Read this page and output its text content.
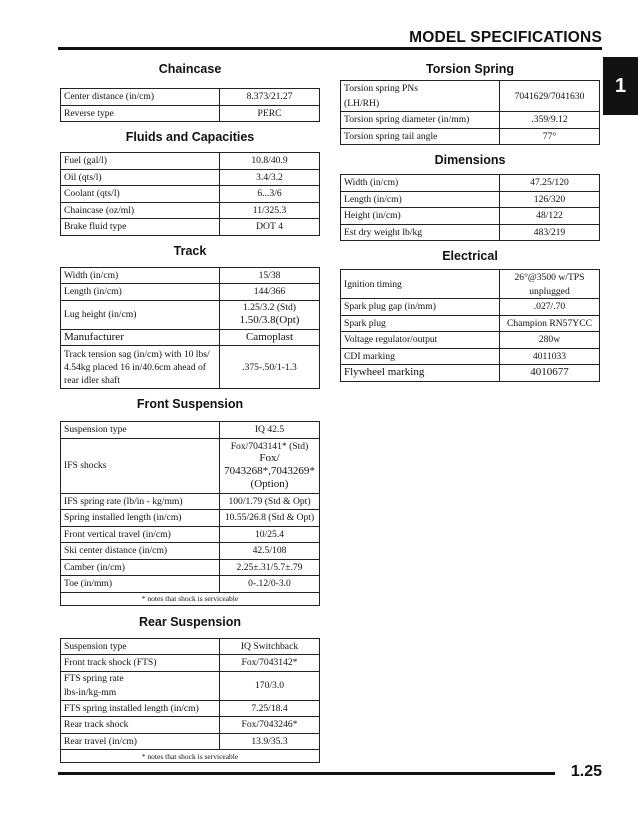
MODEL SPECIFICATIONS
1
Chaincase
Center distance (in/cm)	8.373/21.27
Reverse type	PERC
Fluids and Capacities
Fuel (gal/l)	10.8/40.9
Oil (qts/l)	3.4/3.2
Coolant (qts/l)	6...3/6
Chaincase (oz/ml)	11/325.3
Brake fluid type	DOT 4
Track
Width (in/cm)	15/38
Length (in/cm)	144/366
Lug height (in/cm)	1.25/3.2 (Std)
1.50/3.8(Opt)

Manufacturer	Camoplast

Track tension sag (in/cm) with 10 lbs/
4.54kg placed 16 in/40.6cm ahead of
rear idler shaft	.375-.50/1-1.3
Front Suspension
Suspension type	IQ 42.5
IFS shocks	Fox/7043141* (Std)
Fox/
7043268*,7043269*
(Option)

IFS spring rate (lb/in - kg/mm)	100/1.79 (Std & Opt)
Spring installed length (in/cm)	10.55/26.8 (Std & Opt)
Front vertical travel (in/cm)	10/25.4
Ski center distance (in/cm)	42.5/108
Camber (in/cm)	2.25±.31/5.7±.79
Toe (in/mm)	0-.12/0-3.0
* notes that shock is serviceable	
Rear Suspension
Suspension type	IQ Switchback
Front track shock (FTS)	Fox/7043142*

FTS spring rate
lbs-in/kg-mm	170/3.0
FTS spring installed length (in/cm)	7.25/18.4
Rear track shock	Fox/7043246*
Rear travel (in/cm)	13.9/35.3
* notes that shock is serviceable	
Torsion Spring
Torsion spring PNs
(LH/RH)	7041629/7041630
Torsion spring diameter (in/mm)	.359/9.12
Torsion spring tail angle	77°
Dimensions
Width (in/cm)	47.25/120
Length (in/cm)	126/320
Height (in/cm)	48/122
Est dry weight lb/kg	483/219
Electrical
Ignition timing	26°@3500 w/TPS
unplugged

Spark plug gap (in/mm)	.027/.70
Spark plug	Champion RN57YCC
Voltage regulator/output	280w
CDI marking	4011033
Flywheel marking	4010677
1.25
